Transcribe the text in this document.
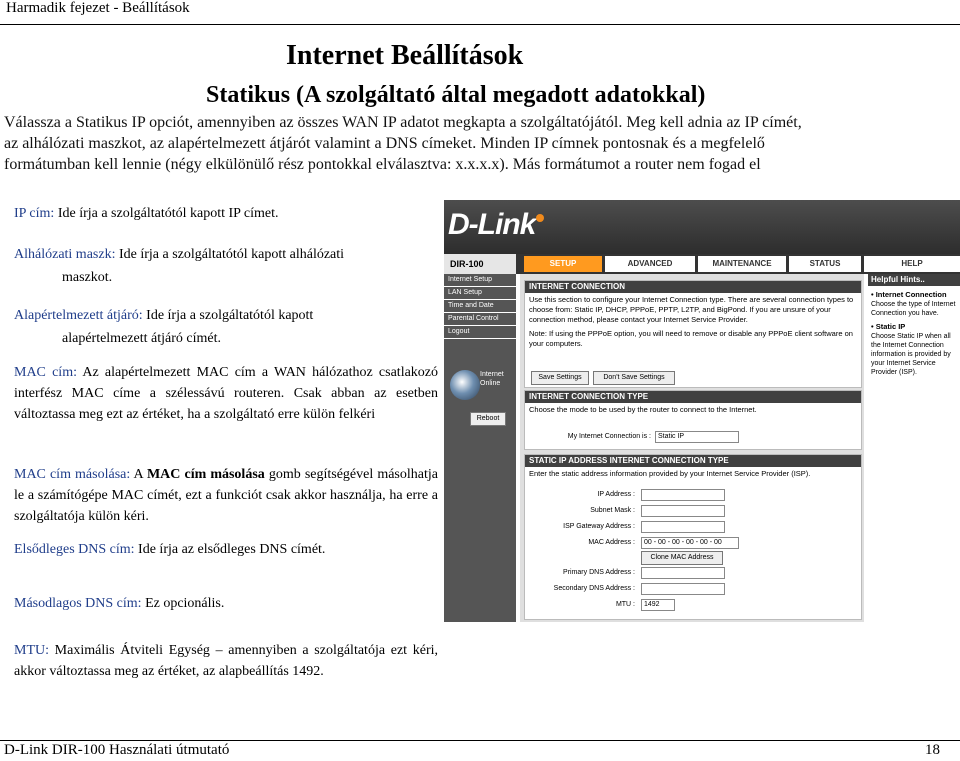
Harmadik fejezet - Beállítások
Internet Beállítások
Statikus (A szolgáltató által megadott adatokkal)
Válassza a Statikus IP opciót, amennyiben az összes WAN IP adatot megkapta a szolgáltatójától. Meg kell adnia az IP címét,
az alhálózati maszkot, az alapértelmezett átjárót valamint a DNS címeket. Minden IP címnek pontosnak és a megfelelő
formátumban kell lennie (négy elkülönülő rész pontokkal elválasztva: x.x.x.x). Más formátumot a router nem fogad el
IP cím: Ide írja a szolgáltatótól kapott IP címet.
Alhálózati maszk: Ide írja a szolgáltatótól kapott alhálózati
maszkot.
Alapértelmezett átjáró: Ide írja a szolgáltatótól kapott
alapértelmezett átjáró címét.
MAC cím: Az alapértelmezett MAC cím a WAN hálózathoz csatlakozó interfész MAC címe a szélessávú routeren. Csak abban az esetben változtassa meg ezt az értéket, ha a szolgáltató erre külön felkéri
MAC cím másolása: A MAC cím másolása gomb segítségével másolhatja le a számítógépe MAC címét, ezt a funkciót csak akkor használja, ha erre a szolgáltatója külön kéri.
Elsődleges DNS cím: Ide írja az elsődleges DNS címét.
Másodlagos DNS cím: Ez opcionális.
MTU: Maximális Átviteli Egység – amennyiben a szolgáltatója ezt kéri, akkor változtassa meg az értéket, az alapbeállítás 1492.
D-Link
DIR-100	SETUP	ADVANCED	MAINTENANCE	STATUS	HELP
Internet Setup
LAN Setup
Time and Date
Parental Control
Logout
Internet Online
Reboot
INTERNET CONNECTION
Use this section to configure your Internet Connection type. There are several connection types to choose from: Static IP, DHCP, PPPoE, PPTP, L2TP, and BigPond. If you are unsure of your connection method, please contact your Internet Service Provider.
Note: If using the PPPoE option, you will need to remove or disable any PPPoE client software on your computers.
Save Settings	Don't Save Settings
INTERNET CONNECTION TYPE
Choose the mode to be used by the router to connect to the Internet.
My Internet Connection is :	Static IP
STATIC IP ADDRESS INTERNET CONNECTION TYPE
Enter the static address information provided by your Internet Service Provider (ISP).
IP Address :
Subnet Mask :
ISP Gateway Address :
MAC Address :	00 - 00 - 00 - 00 - 00 - 00
Clone MAC Address
Primary DNS Address :
Secondary DNS Address :
MTU :	1492
Helpful Hints..
• Internet Connection
Choose the type of Internet Connection you have.
• Static IP
Choose Static IP when all the Internet Connection information is provided by your Internet Service Provider (ISP).
D-Link DIR-100 Használati útmutató	18
